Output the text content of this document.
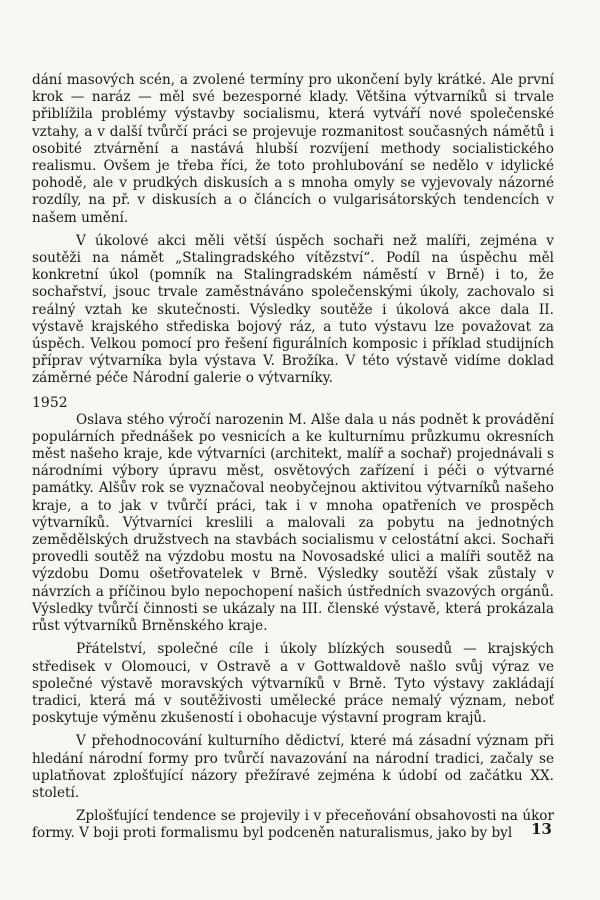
dání masových scén, a zvolené termíny pro ukončení byly krátké. Ale první krok — naráz — měl své bezesporné klady. Většina výtvarníků si trvale přiblížila problémy výstavby socialismu, která vytváří nové společenské vztahy, a v další tvůrčí práci se projevuje rozmanitost současných námětů i osobité ztvárnění a nastává hlubší rozvíjení methody socialistického realismu. Ovšem je třeba říci, že toto prohlubování se nedělo v idylické pohodě, ale v prudkých diskusích a s mnoha omyly se vyjevovaly názorné rozdíly, na př. v diskusích a o článcích o vulgarisátorských tendencích v našem umění.

V úkolové akci měli větší úspěch sochaři než malíři, zejména v soutěži na námět „Stalingradského vítězství“. Podíl na úspěchu měl konkretní úkol (pomník na Stalingradském náměstí v Brně) i to, že sochařství, jsouc trvale zaměstnáváno společenskými úkoly, zachovalo si reálný vztah ke skutečnosti. Výsledky soutěže i úkolová akce dala II. výstavě krajského střediska bojový ráz, a tuto výstavu lze považovat za úspěch. Velkou pomocí pro řešení figurálních komposic i příklad studijních příprav výtvarníka byla výstava V. Brožíka. V této výstavě vidíme doklad záměrné péče Národní galerie o výtvarníky.

1952

Oslava stého výročí narozenin M. Alše dala u nás podnět k provádění populárních přednášek po vesnicích a ke kulturnímu průzkumu okresních měst našeho kraje, kde výtvarníci (architekt, malíř a sochař) projednávali s národními výbory úpravu měst, osvětových zařízení i péči o výtvarné památky. Alšův rok se vyznačoval neobyčejnou aktivitou výtvarníků našeho kraje, a to jak v tvůrčí práci, tak i v mnoha opatřeních ve prospěch výtvarníků. Výtvarníci kreslili a malovali za pobytu na jednotných zemědělských družstvech na stavbách socialismu v celostátní akci. Sochaři provedli soutěž na výzdobu mostu na Novosadské ulici a malíři soutěž na výzdobu Domu ošetřovatelek v Brně. Výsledky soutěží však zůstaly v návrzích a příčinou bylo nepochopení našich ústředních svazových orgánů. Výsledky tvůrčí činnosti se ukázaly na III. členské výstavě, která prokázala růst výtvarníků Brněnského kraje.

Přátelství, společné cíle i úkoly blízkých sousedů — krajských středisek v Olomouci, v Ostravě a v Gottwaldově našlo svůj výraz ve společné výstavě moravských výtvarníků v Brně. Tyto výstavy zakládají tradici, která má v soutěživosti umělecké práce nemalý význam, neboť poskytuje výměnu zkušeností i obohacuje výstavní program krajů.

V přehodnocování kulturního dědictví, které má zásadní význam při hledání národní formy pro tvůrčí navazování na národní tradici, začaly se uplatňovat zplošťující názory přežíravé zejména k údobí od začátku XX. století.

Zplošťující tendence se projevily i v přeceňování obsahovosti na úkor formy. V boji proti formalismu byl podceněn naturalismus, jako by byl	13
